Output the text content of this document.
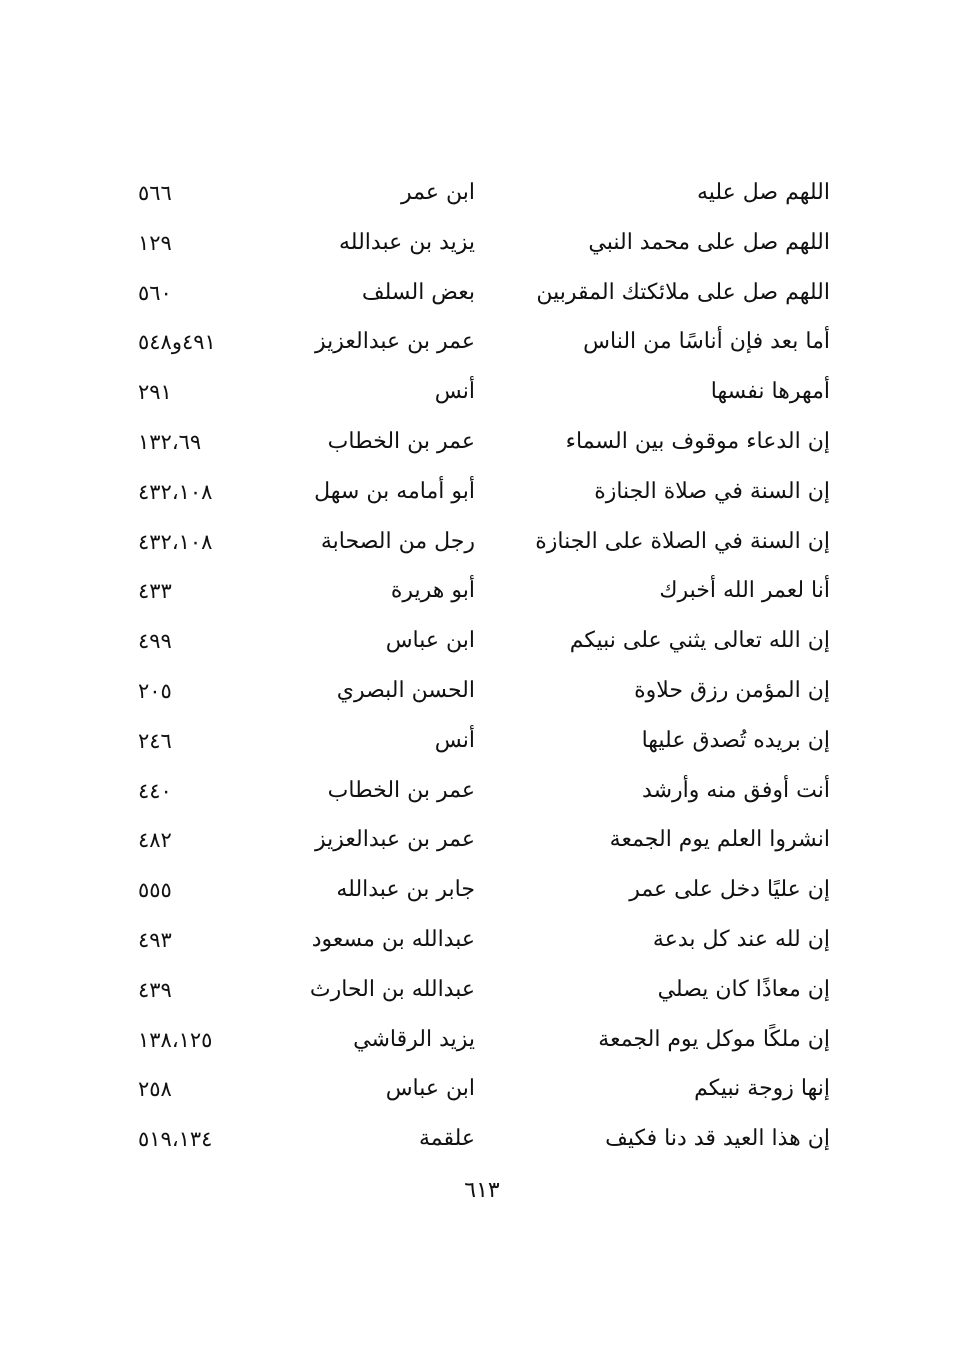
اللهم صل عليه
ابن عمر
٥٦٦
اللهم صل على محمد النبي
يزيد بن عبدالله
١٢٩
اللهم صل على ملائكتك المقربين
بعض السلف
٥٦٠
أما بعد فإن أناسًا من الناس
عمر بن عبدالعزيز
٤٩١و٥٤٨
أمهرها نفسها
أنس
٢٩١
إن الدعاء موقوف بين السماء
عمر بن الخطاب
١٣٢،٦٩
إن السنة في صلاة الجنازة
أبو أمامه بن سهل
٤٣٢،١٠٨
إن السنة في الصلاة على الجنازة
رجل من الصحابة
٤٣٢،١٠٨
أنا لعمر الله أخبرك
أبو هريرة
٤٣٣
إن الله تعالى يثني على نبيكم
ابن عباس
٤٩٩
إن المؤمن رزق حلاوة
الحسن البصري
٢٠٥
إن بريده تُصدق عليها
أنس
٢٤٦
أنت أوفق منه وأرشد
عمر بن الخطاب
٤٤٠
انشروا العلم يوم الجمعة
عمر بن عبدالعزيز
٤٨٢
إن عليًا دخل على عمر
جابر بن عبدالله
٥٥٥
إن لله عند كل بدعة
عبدالله بن مسعود
٤٩٣
إن معاذًا كان يصلي
عبدالله بن الحارث
٤٣٩
إن ملكًا موكل يوم الجمعة
يزيد الرقاشي
١٣٨،١٢٥
إنها زوجة نبيكم
ابن عباس
٢٥٨
إن هذا العيد قد دنا فكيف
علقمة
٥١٩،١٣٤
٦١٣
